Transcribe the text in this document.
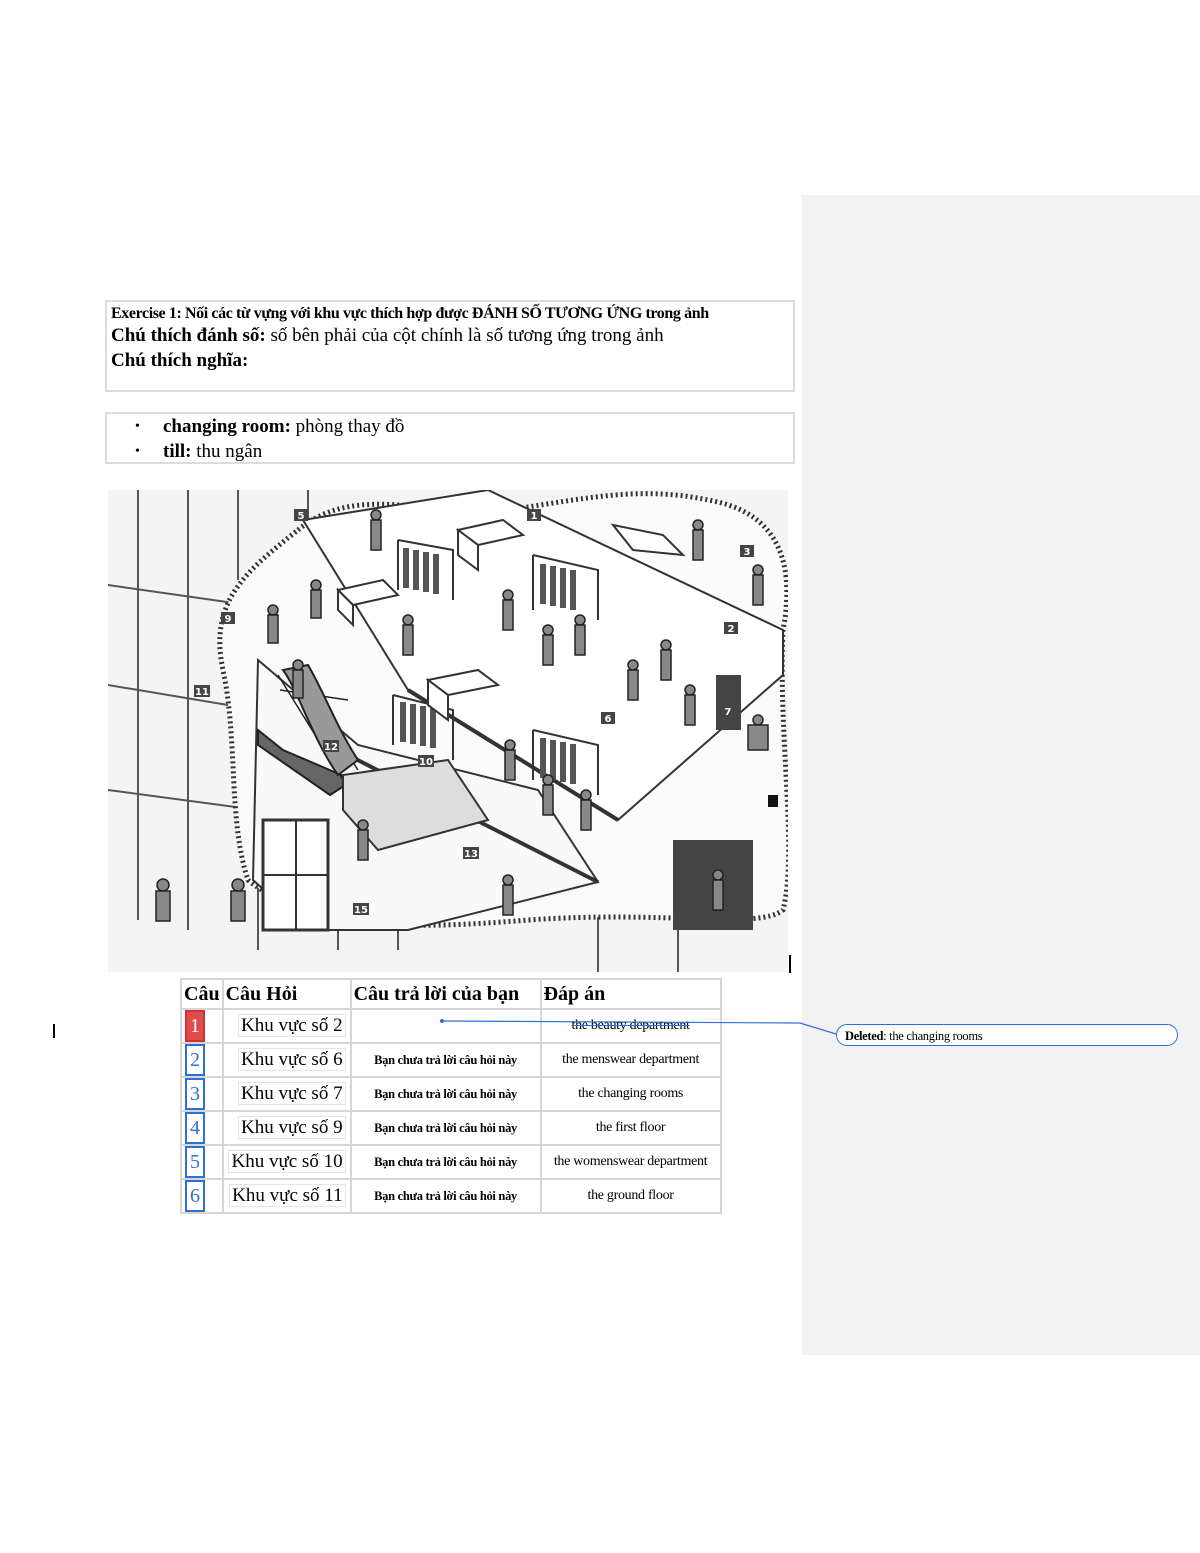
Exercise 1: Nối các từ vựng với khu vực thích hợp được ĐÁNH SỐ TƯƠNG ỨNG trong ảnh
Chú thích đánh số: số bên phải của cột chính là số tương ứng trong ảnh
Chú thích nghĩa:
• changing room: phòng thay đồ
• till: thu ngân
5	1
3
2
9
11
6
7
12
10
13
15
Câu	Câu Hỏi	Câu trả lời của bạn	Đáp án
1	Khu vực số 2		the beauty department
2	Khu vực số 6	Bạn chưa trả lời câu hỏi này	the menswear department
3	Khu vực số 7	Bạn chưa trả lời câu hỏi này	the changing rooms
4	Khu vực số 9	Bạn chưa trả lời câu hỏi này	the first floor
5	Khu vực số 10	Bạn chưa trả lời câu hỏi này	the womenswear department
6	Khu vực số 11	Bạn chưa trả lời câu hỏi này	the ground floor
Deleted: the changing rooms
